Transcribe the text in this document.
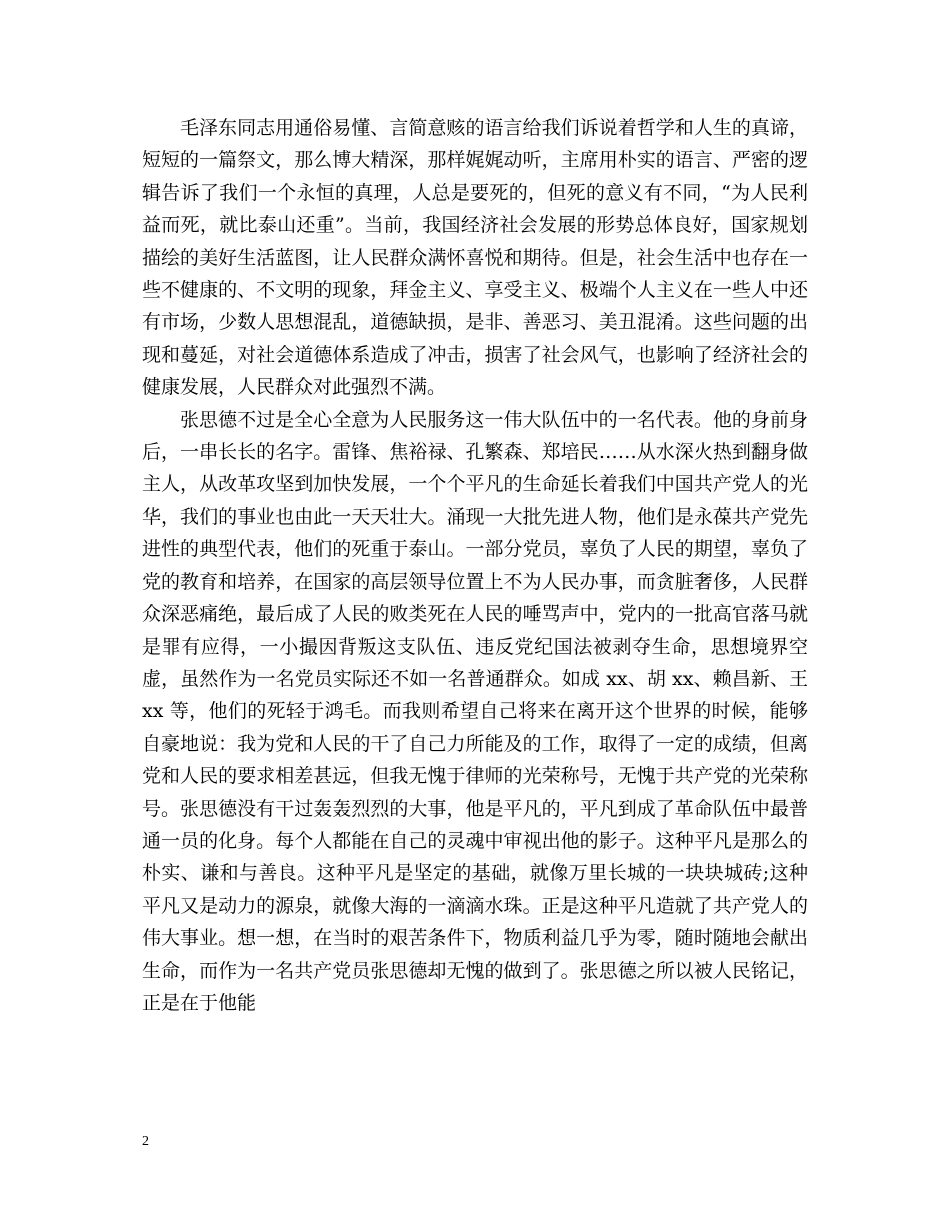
毛泽东同志用通俗易懂、言简意赅的语言给我们诉说着哲学和人生的真谛，短短的一篇祭文，那么博大精深，那样娓娓动听，主席用朴实的语言、严密的逻辑告诉了我们一个永恒的真理，人总是要死的，但死的意义有不同，“为人民利益而死，就比泰山还重”。当前，我国经济社会发展的形势总体良好，国家规划描绘的美好生活蓝图，让人民群众满怀喜悦和期待。但是，社会生活中也存在一些不健康的、不文明的现象，拜金主义、享受主义、极端个人主义在一些人中还有市场，少数人思想混乱，道德缺损，是非、善恶习、美丑混淆。这些问题的出现和蔓延，对社会道德体系造成了冲击，损害了社会风气，也影响了经济社会的健康发展，人民群众对此强烈不满。

张思德不过是全心全意为人民服务这一伟大队伍中的一名代表。他的身前身后，一串长长的名字。雷锋、焦裕禄、孔繁森、郑培民……从水深火热到翻身做主人，从改革攻坚到加快发展，一个个平凡的生命延长着我们中国共产党人的光华，我们的事业也由此一天天壮大。涌现一大批先进人物，他们是永葆共产党先进性的典型代表，他们的死重于泰山。一部分党员，辜负了人民的期望，辜负了党的教育和培养，在国家的高层领导位置上不为人民办事，而贪脏奢侈，人民群众深恶痛绝，最后成了人民的败类死在人民的唾骂声中，党内的一批高官落马就是罪有应得，一小撮因背叛这支队伍、违反党纪国法被剥夺生命，思想境界空虚，虽然作为一名党员实际还不如一名普通群众。如成 xx、胡 xx、赖昌新、王 xx 等，他们的死轻于鸿毛。而我则希望自己将来在离开这个世界的时候，能够自豪地说：我为党和人民的干了自己力所能及的工作，取得了一定的成绩，但离党和人民的要求相差甚远，但我无愧于律师的光荣称号，无愧于共产党的光荣称号。张思德没有干过轰轰烈烈的大事，他是平凡的，平凡到成了革命队伍中最普通一员的化身。每个人都能在自己的灵魂中审视出他的影子。这种平凡是那么的朴实、谦和与善良。这种平凡是坚定的基础，就像万里长城的一块块城砖;这种平凡又是动力的源泉，就像大海的一滴滴水珠。正是这种平凡造就了共产党人的伟大事业。想一想，在当时的艰苦条件下，物质利益几乎为零，随时随地会献出生命，而作为一名共产党员张思德却无愧的做到了。张思德之所以被人民铭记，正是在于他能

2
